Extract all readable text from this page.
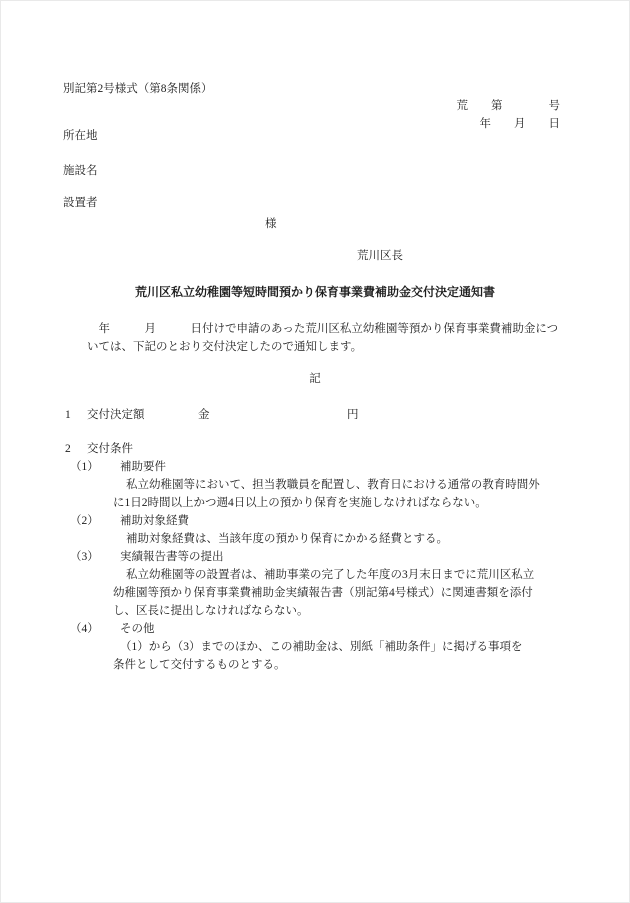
別記第2号様式（第8条関係）
荒　　第　　　　号
年　　月　　日
所在地
施設名
設置者
様
荒川区長
荒川区私立幼稚園等短時間預かり保育事業費補助金交付決定通知書
　年　　　月　　　日付けで申請のあった荒川区私立幼稚園等預かり保育事業費補助金につ
いては、下記のとおり交付決定したので通知します。
記
1 交付決定額	金	円
2 交付条件
（1） 補助要件
私立幼稚園等において、担当教職員を配置し、教育日における通常の教育時間外
に1日2時間以上かつ週4日以上の預かり保育を実施しなければならない。
（2） 補助対象経費
補助対象経費は、当該年度の預かり保育にかかる経費とする。
（3） 実績報告書等の提出
私立幼稚園等の設置者は、補助事業の完了した年度の3月末日までに荒川区私立
幼稚園等預かり保育事業費補助金実績報告書（別記第4号様式）に関連書類を添付
し、区長に提出しなければならない。
（4） その他
（1）から（3）までのほか、この補助金は、別紙「補助条件」に掲げる事項を
条件として交付するものとする。
